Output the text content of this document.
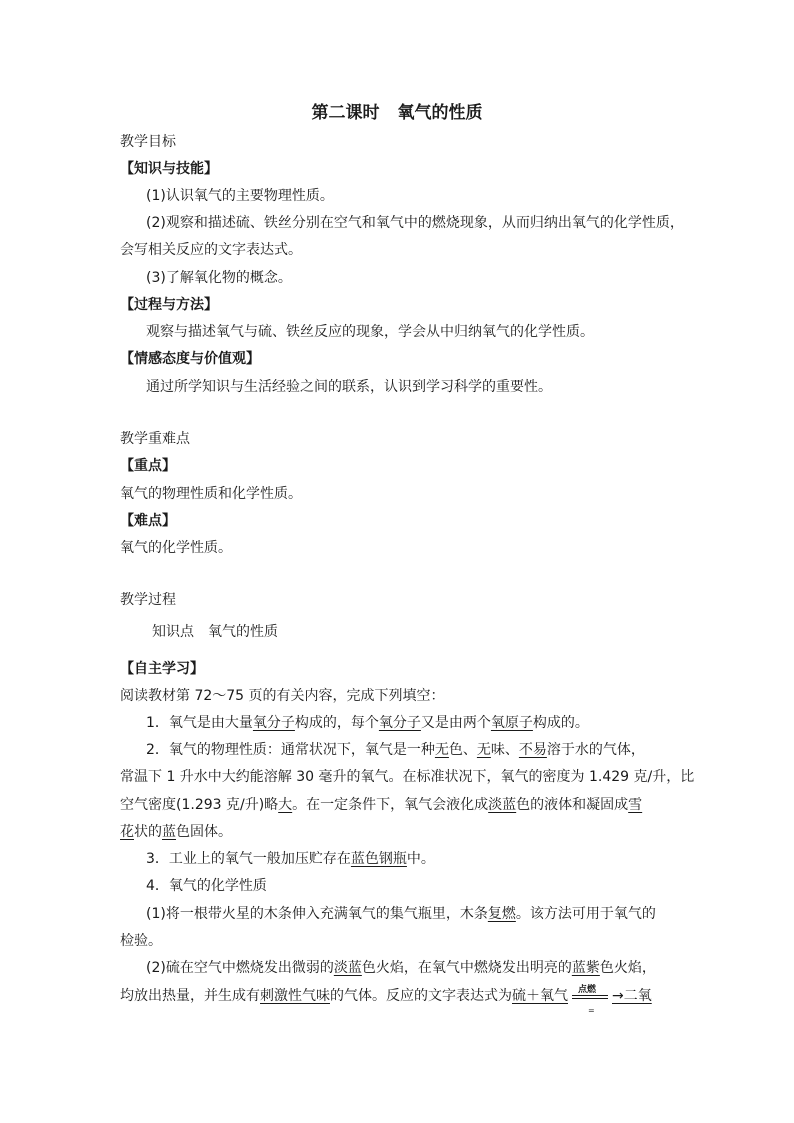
第二课时 氧气的性质
教学目标
【知识与技能】
(1)认识氧气的主要物理性质。
(2)观察和描述硫、铁丝分别在空气和氧气中的燃烧现象，从而归纳出氧气的化学性质，
会写相关反应的文字表达式。
(3)了解氧化物的概念。
【过程与方法】
观察与描述氧气与硫、铁丝反应的现象，学会从中归纳氧气的化学性质。
【情感态度与价值观】
通过所学知识与生活经验之间的联系，认识到学习科学的重要性。
教学重难点
【重点】
氧气的物理性质和化学性质。
【难点】
氧气的化学性质。
教学过程
知识点 氧气的性质
【自主学习】
阅读教材第 72～75 页的有关内容，完成下列填空：
1．氧气是由大量氧分子构成的，每个氧分子又是由两个氧原子构成的。
2．氧气的物理性质：通常状况下，氧气是一种无色、无味、不易溶于水的气体，
常温下 1 升水中大约能溶解 30 毫升的氧气。在标准状况下，氧气的密度为 1.429 克/升，比
空气密度(1.293 克/升)略大。在一定条件下，氧气会液化成淡蓝色的液体和凝固成雪
花状的蓝色固体。
3．工业上的氧气一般加压贮存在蓝色钢瓶中。
4．氧气的化学性质
(1)将一根带火星的木条伸入充满氧气的集气瓶里，木条复燃。该方法可用于氧气的
检验。
(2)硫在空气中燃烧发出微弱的淡蓝色火焰，在氧气中燃烧发出明亮的蓝紫色火焰，
均放出热量，并生成有刺激性气味的气体。反应的文字表达式为硫＋氧气 点燃
=
→二氧
